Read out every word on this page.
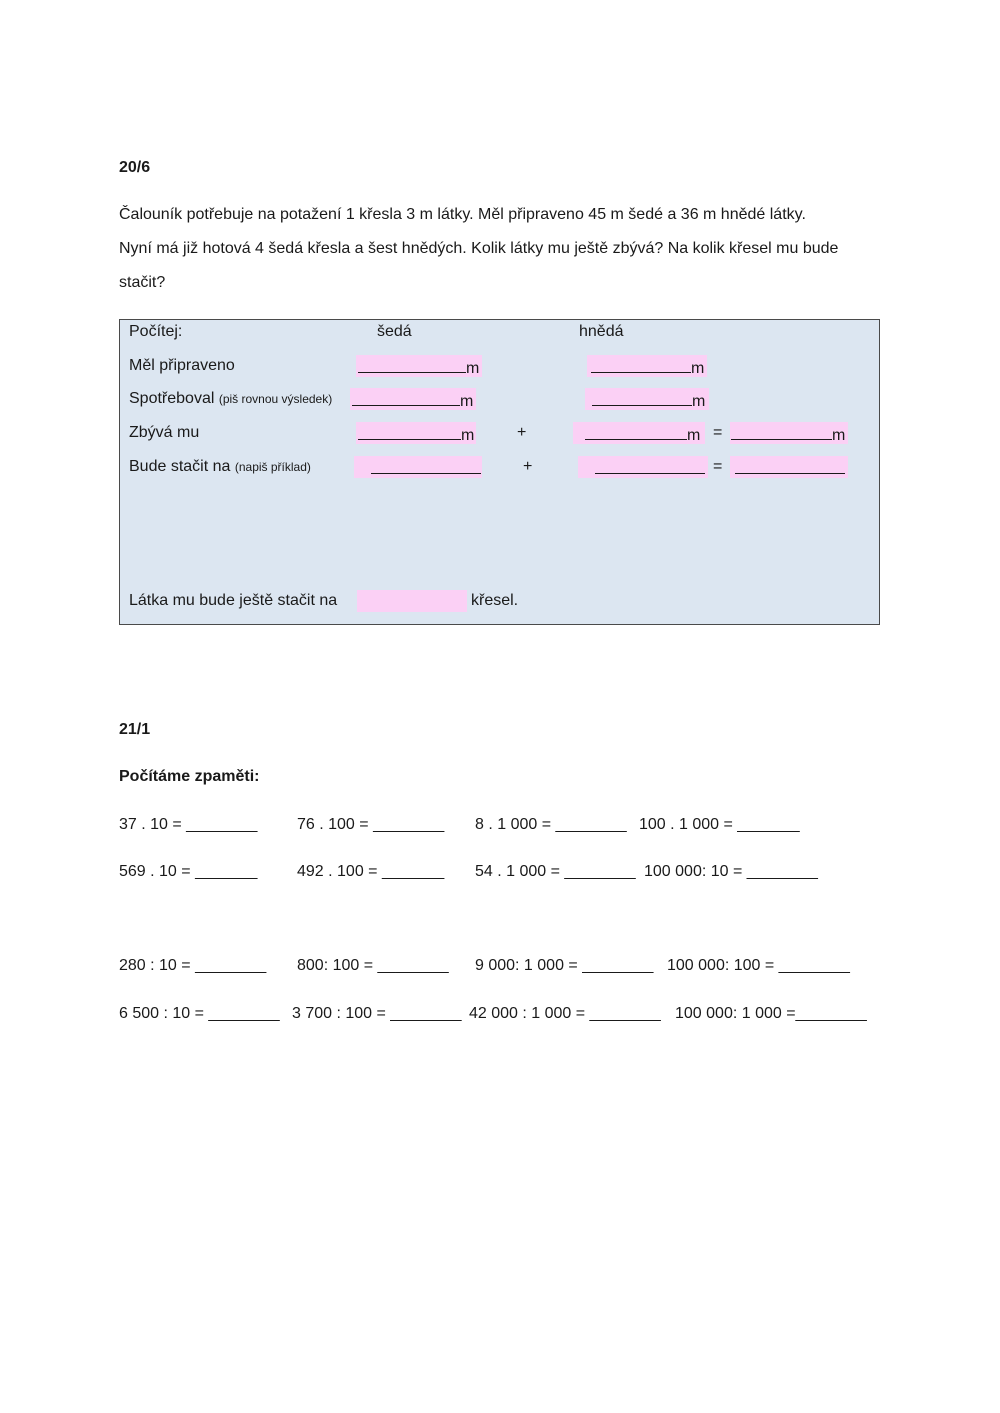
20/6
Čalouník potřebuje na potažení 1 křesla 3 m látky. Měl připraveno 45 m šedé a 36 m hnědé látky.
Nyní má již hotová 4 šedá křesla a šest hnědých. Kolik látky mu ještě zbývá? Na kolik křesel mu bude
stačit?
Počítej:	šedá	hnědá
Měl připraveno	m	m
Spotřeboval (piš rovnou výsledek)	m	m
Zbývá mu	m	+	m =	m
Bude stačit na (napiš příklad)	+	=
Látka mu bude ještě stačit na	křesel.
21/1
Počítáme zpaměti:
37 . 10 = ________ 76 . 100 = ________ 8 . 1 000 = ________ 100 . 1 000 = _______
569 . 10 = _______ 492 . 100 = _______ 54 . 1 000 = ________ 100 000: 10 = ________
280 : 10 = ________ 800: 100 = ________ 9 000: 1 000 = ________ 100 000: 100 = ________
6 500 : 10 = ________ 3 700 : 100 = ________ 42 000 : 1 000 = ________ 100 000: 1 000 =________
